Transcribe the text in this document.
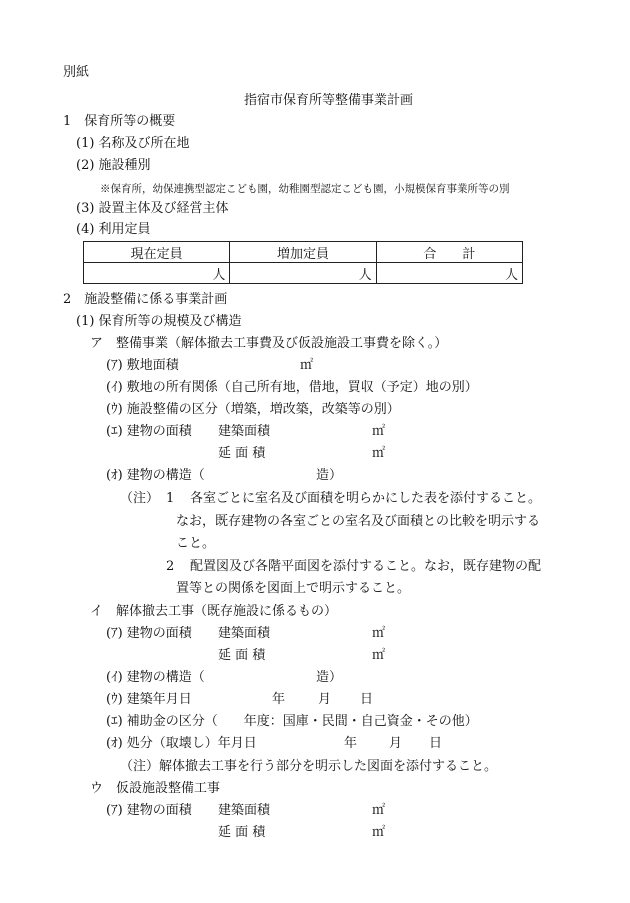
別紙
指宿市保育所等整備事業計画
1　保育所等の概要
(1) 名称及び所在地
(2) 施設種別
※保育所，幼保連携型認定こども園，幼稚園型認定こども園，小規模保育事業所等の別
(3) 設置主体及び経営主体
(4) 利用定員
現在定員	増加定員	合　　計
人	人	人
2　施設整備に係る事業計画
(1) 保育所等の規模及び構造
ア　整備事業（解体撤去工事費及び仮設施設工事費を除く。）
(ｱ) 敷地面積	㎡
(ｲ) 敷地の所有関係（自己所有地，借地，買収（予定）地の別）
(ｳ) 施設整備の区分（増築，増改築，改築等の別）
(ｴ) 建物の面積 建築面積	㎡
延 面 積	㎡
(ｵ) 建物の構造（	造）
（注） 1 各室ごとに室名及び面積を明らかにした表を添付すること。
なお，既存建物の各室ごとの室名及び面積との比較を明示する
こと。
2 配置図及び各階平面図を添付すること。なお，既存建物の配
置等との関係を図面上で明示すること。
イ　解体撤去工事（既存施設に係るもの）
(ｱ) 建物の面積 建築面積	㎡
延 面 積	㎡
(ｲ) 建物の構造（	造）
(ｳ) 建築年月日	年	月 日
(ｴ) 補助金の区分（　　年度：国庫・民間・自己資金・その他）
(ｵ) 処分（取壊し）年月日	年 月 日
（注）解体撤去工事を行う部分を明示した図面を添付すること。
ウ　仮設施設整備工事
(ｱ) 建物の面積 建築面積	㎡
延 面 積	㎡
